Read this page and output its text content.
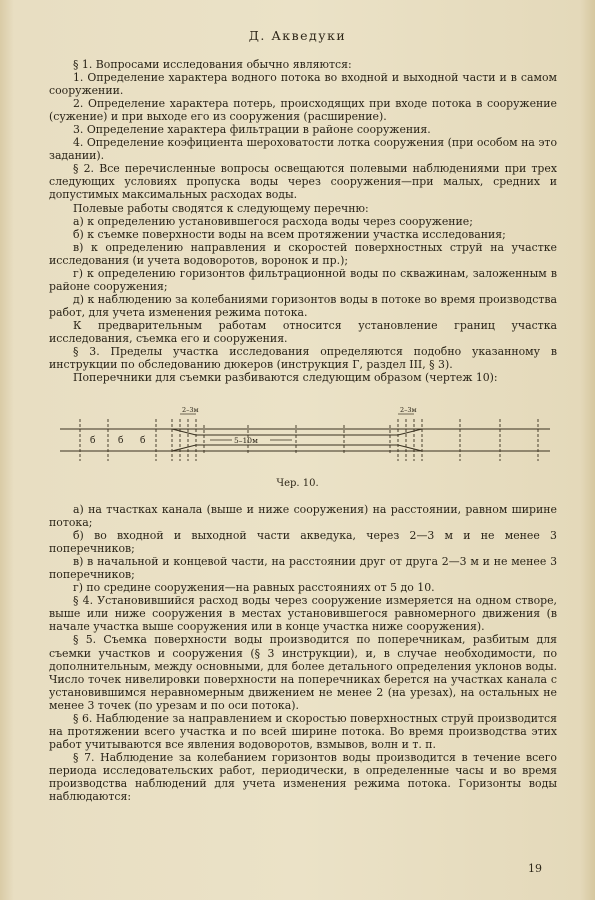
Д. Акведуки

§ 1. Вопросами исследования обычно являются:

1. Определение характера водного потока во входной и выходной части и в самом сооружении.

2. Определение характера потерь, происходящих при входе потока в сооружение (сужение) и при выходе его из сооружения (расширение).

3. Определение характера фильтрации в районе сооружения.

4. Определение коэфициента шероховатости лотка сооружения (при особом на это задании).

§ 2. Все перечисленные вопросы освещаются полевыми наблюдениями при трех следующих условиях пропуска воды через сооружения—при малых, средних и допустимых максимальных расходах воды.

Полевые работы сводятся к следующему перечню:

а) к определению установившегося расхода воды через сооружение;

б) к съемке поверхности воды на всем протяжении участка исследования;

в) к определению направления и скоростей поверхностных струй на участке исследования (и учета водоворотов, воронок и пр.);

г) к определению горизонтов фильтрационной воды по скважинам, заложенным в районе сооружения;

д) к наблюдению за колебаниями горизонтов воды в потоке во время производства работ, для учета изменения режима потока.

К предварительным работам относится установление границ участка исследования, съемка его и сооружения.

§ 3. Пределы участка исследования определяются подобно указанному в инструкции по обследованию дюкеров (инструкция Г, раздел III, § 3).

Поперечники для съемки разбиваются следующим образом (чертеж 10):

б	б б	5–10м
2–3м	2–3м
Чер. 10.

а) на тчастках канала (выше и ниже сооружения) на расстоянии, равном ширине потока;

б) во входной и выходной части акведука, через 2—3 м и не менее 3 поперечников;

в) в начальной и концевой части, на расстоянии друг от друга 2—3 м и не менее 3 поперечников;

г) по средине сооружения—на равных расстояниях от 5 до 10.

§ 4. Установившийся расход воды через сооружение измеряется на одном створе, выше или ниже сооружения в местах установившегося равномерного движения (в начале участка выше сооружения или в конце участка ниже сооружения).

§ 5. Съемка поверхности воды производится по поперечникам, разбитым для съемки участков и сооружения (§ 3 инструкции), и, в случае необходимости, по дополнительным, между основными, для более детального определения уклонов воды. Число точек нивелировки поверхности на поперечниках берется на участках канала с установившимся неравномерным движением не менее 2 (на урезах), на остальных не менее 3 точек (по урезам и по оси потока).

§ 6. Наблюдение за направлением и скоростью поверхностных струй производится на протяжении всего участка и по всей ширине потока. Во время производства этих работ учитываются все явления водоворотов, взмывов, волн и т. п.

§ 7. Наблюдение за колебанием горизонтов воды производится в течение всего периода исследовательских работ, периодически, в определенные часы и во время производства наблюдений для учета изменения режима потока. Горизонты воды наблюдаются:

19
